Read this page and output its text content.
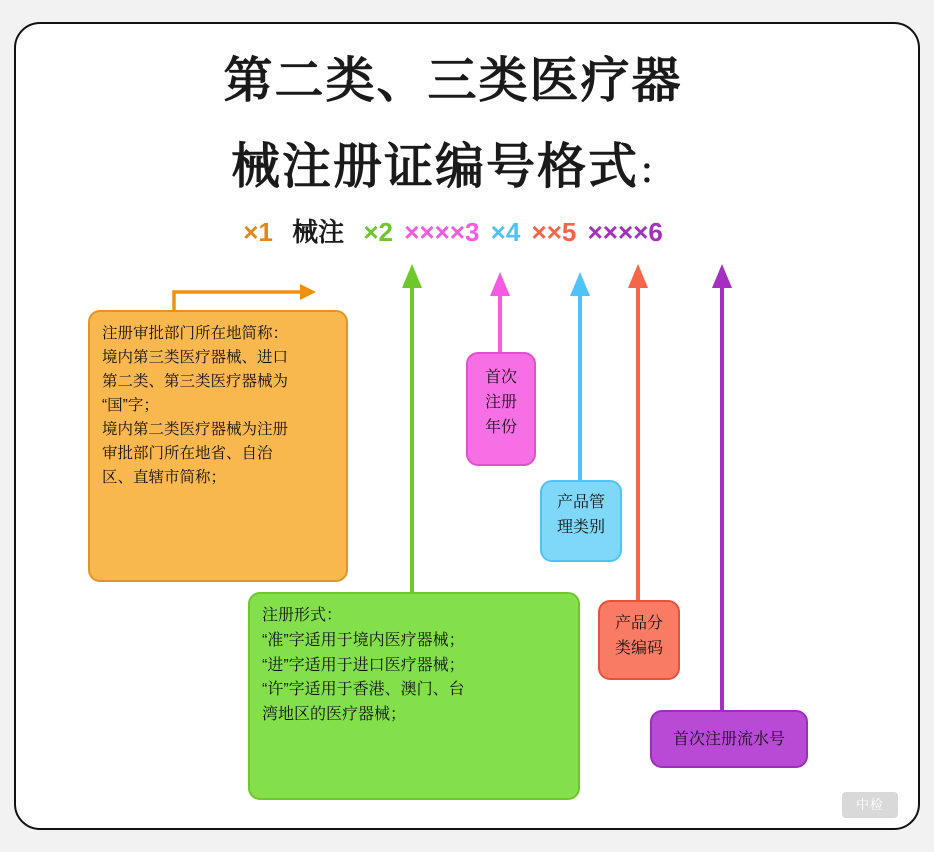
第二类、三类医疗器
械注册证编号格式：
×1 械注 ×2 ××××3 ×4 ××5 ××××6

注册审批部门所在地简称：

境内第三类医疗器械、进口

第二类、第三类医疗器械为

“国”字；

境内第二类医疗器械为注册

审批部门所在地省、自治

区、直辖市简称；

注册形式：

“准”字适用于境内医疗器械；

“进”字适用于进口医疗器械；

“许”字适用于香港、澳门、台

湾地区的医疗器械；

首次

注册

年份

产品管

理类别

产品分

类编码

首次注册流水号

中检
